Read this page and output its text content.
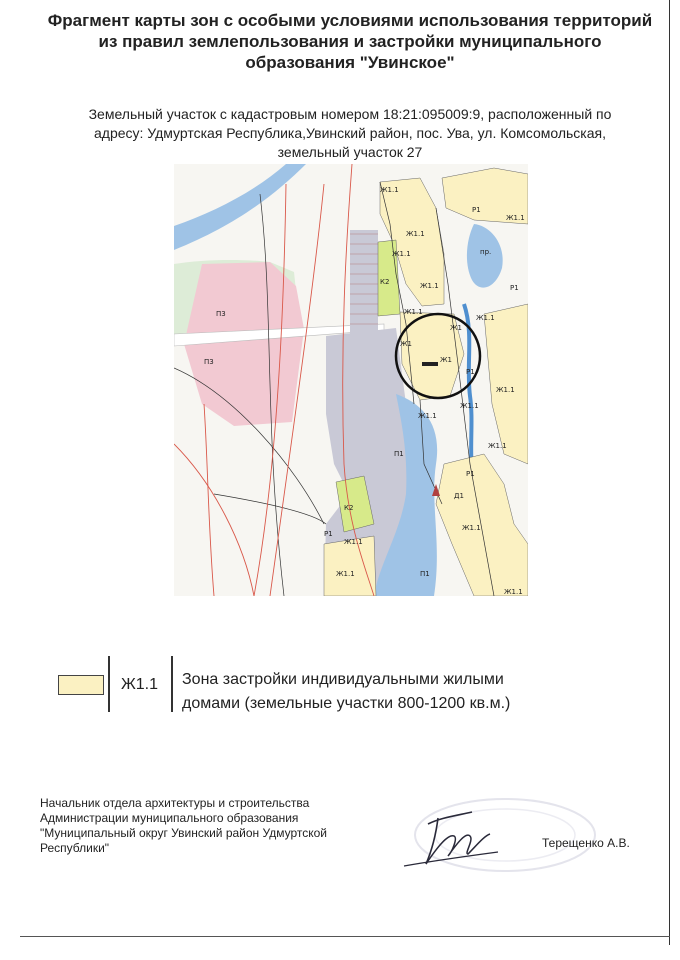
Фрагмент карты зон с особыми условиями использования территорий
из правил землепользования и застройки муниципального
образования "Увинское"
Земельный участок с кадастровым номером 18:21:095009:9, расположенный по
адресу: Удмуртская Республика,Увинский район, пос. Ува, ул. Комсомольская,
земельный участок 27
П3
П3
П1
П1
К2
К2
Р1
Р1
Р1
Р1
Р1
Ж1
Ж1
Ж1
Д1
пр.
Ж1.1
Ж1.1
Ж1.1
Ж1.1
Ж1.1
Ж1.1
Ж1.1
Ж1.1
Ж1.1
Ж1.1
Ж1.1
Ж1.1
Ж1.1
Ж1.1
Ж1.1
Ж1.1 Зона застройки индивидуальными жилыми
домами (земельные участки 800-1200 кв.м.)
Начальник отдела архитектуры и строительства
Администрации муниципального образования
"Муниципальный округ Увинский район Удмуртской
Республики"	Терещенко А.В.
